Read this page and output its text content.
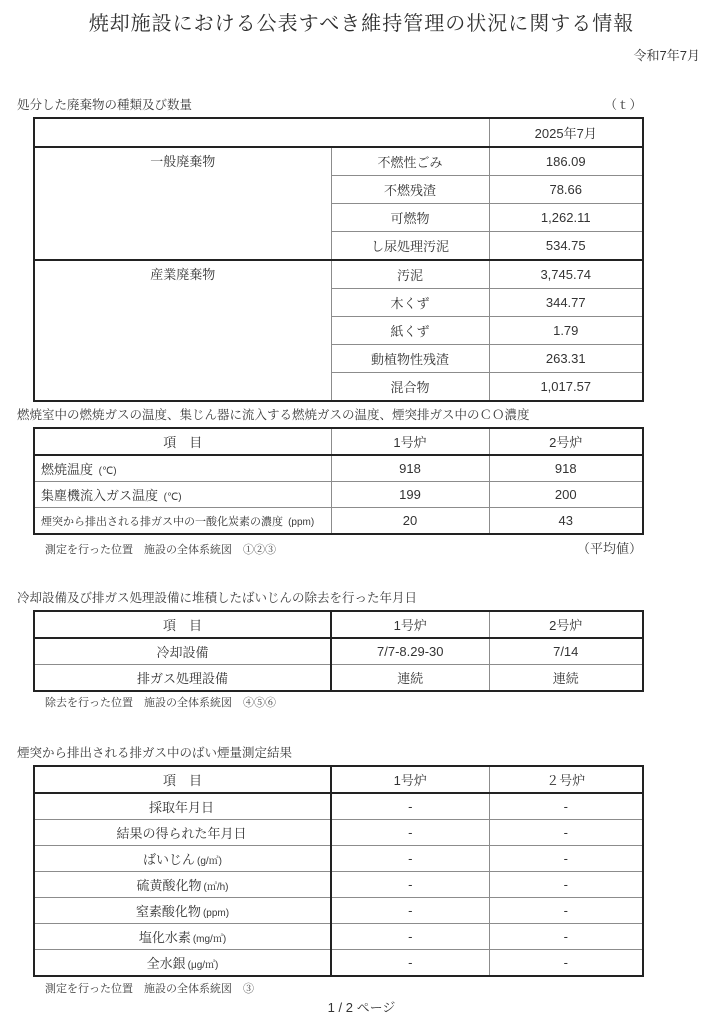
焼却施設における公表すべき維持管理の状況に関する情報
令和7年7月
処分した廃棄物の種類及び数量	（ｔ）
		2025年7月
一般廃棄物	不燃性ごみ	186.09
	不燃残渣	78.66
	可燃物	1,262.11
	し尿処理汚泥	534.75
産業廃棄物	汚泥	3,745.74
	木くず	344.77
	紙くず	1.79
	動植物性残渣	263.31
	混合物	1,017.57
燃焼室中の燃焼ガスの温度、集じん器に流入する燃焼ガスの温度、煙突排ガス中のＣＯ濃度
項　目	1号炉	2号炉
燃焼温度 (℃)	918	918
集塵機流入ガス温度 (℃)	199	200
煙突から排出される排ガス中の一酸化炭素の濃度 (ppm)	20	43
測定を行った位置　施設の全体系統図　①②③	（平均値）
冷却設備及び排ガス処理設備に堆積したばいじんの除去を行った年月日
項　目	1号炉	2号炉
冷却設備	7/7-8.29-30	7/14
排ガス処理設備	連続	連続
除去を行った位置　施設の全体系統図　④⑤⑥
煙突から排出される排ガス中のばい煙量測定結果
項　目	1号炉	２号炉
採取年月日	-	-
結果の得られた年月日	-	-
ばいじん (g/㎥)	-	-
硫黄酸化物 (㎥/h)	-	-
窒素酸化物 (ppm)	-	-
塩化水素 (mg/㎥)	-	-
全水銀 (μg/㎥)	-	-
測定を行った位置　施設の全体系統図　③
1 / 2 ページ
